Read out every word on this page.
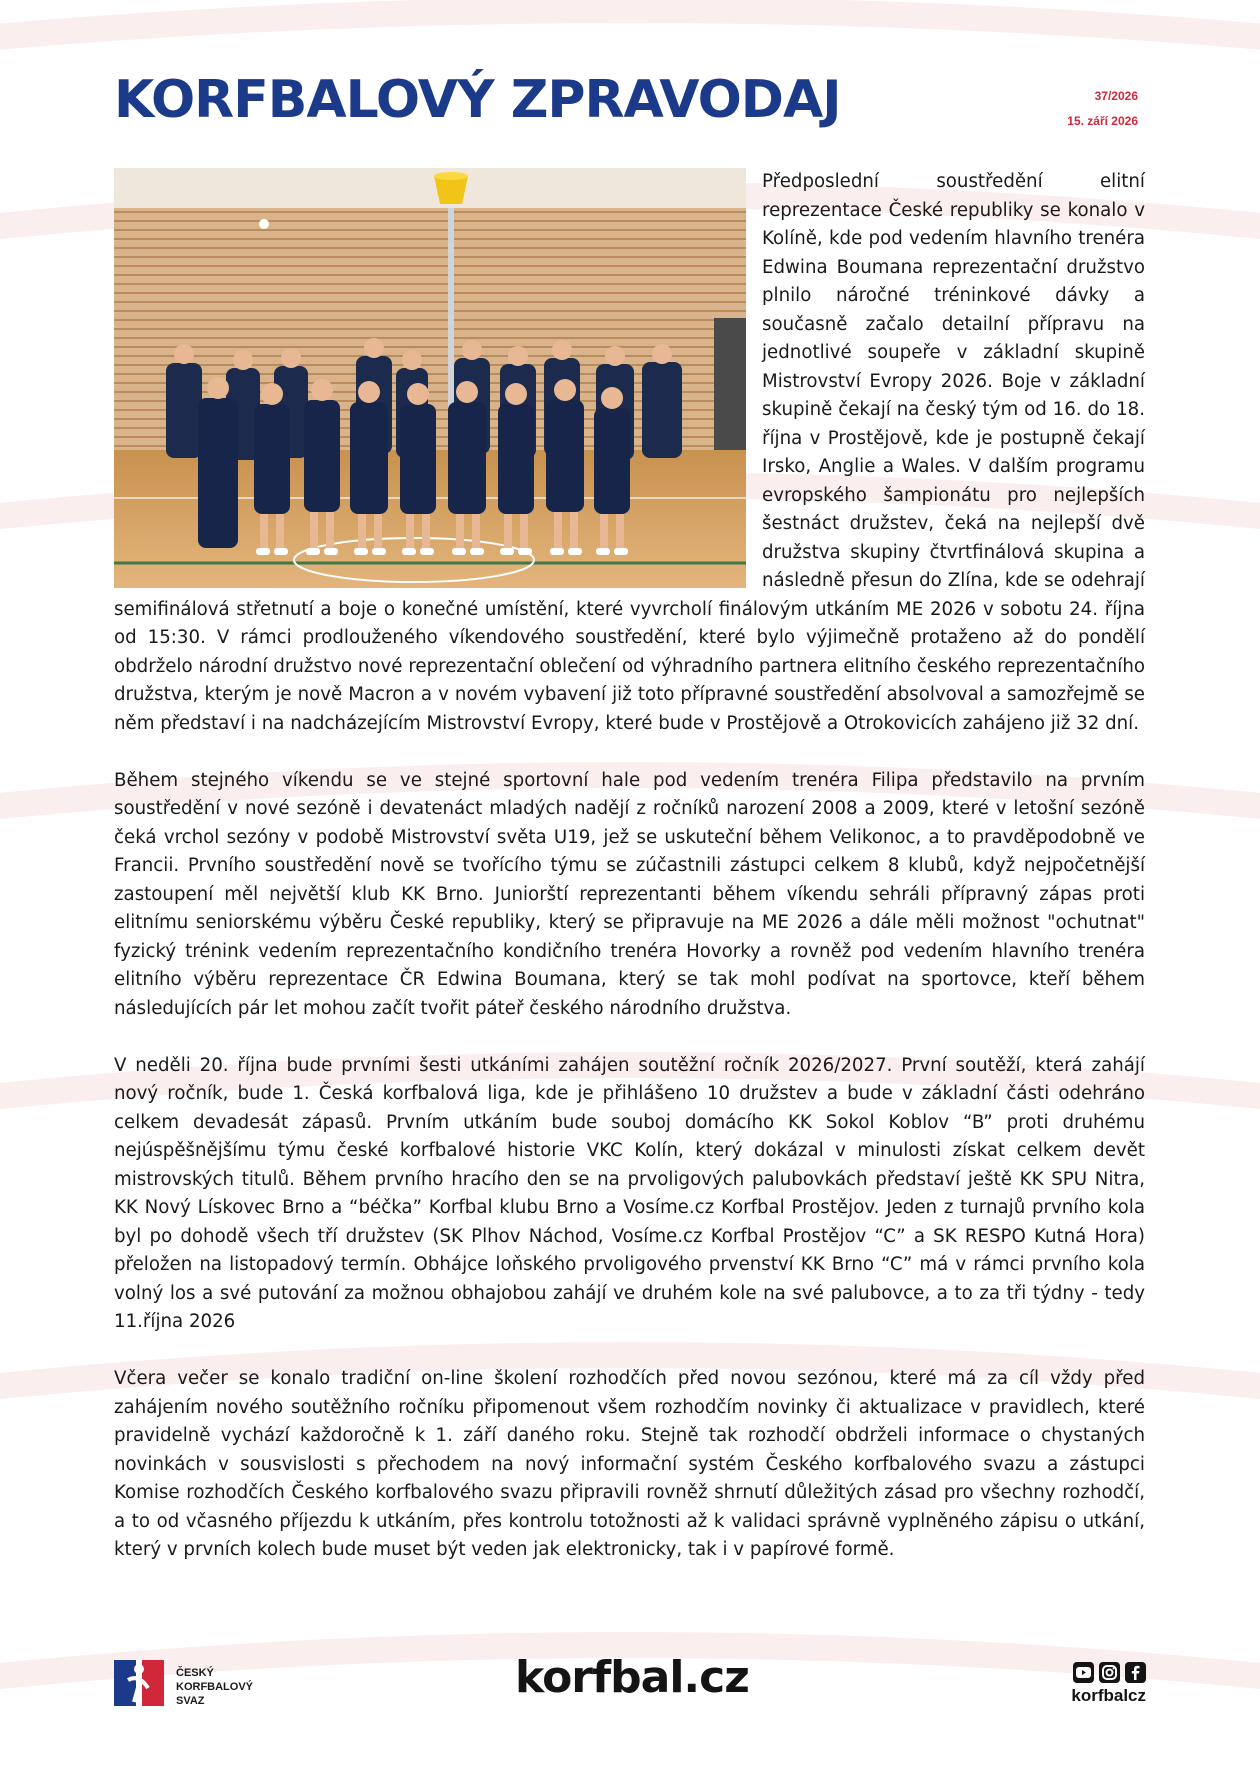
KORFBALOVÝ ZPRAVODAJ	37/2026
15. září 2026

Předposlední soustředění elitní reprezentace České republiky se konalo v Kolíně, kde pod vedením hlavního trenéra Edwina Boumana reprezentační družstvo plnilo náročné tréninkové dávky a současně začalo detailní přípravu na jednotlivé soupeře v základní skupině Mistrovství Evropy 2026. Boje v základní skupině čekají na český tým od 16. do 18. října v Prostějově, kde je postupně čekají Irsko, Anglie a Wales. V dalším programu evropského šampionátu pro nejlepších šestnáct družstev, čeká na nejlepší dvě družstva skupiny čtvrtfinálová skupina a následně přesun do Zlína, kde se odehrají semifinálová střetnutí a boje o konečné umístění, které vyvrcholí finálovým utkáním ME 2026 v sobotu 24. října od 15:30. V rámci prodlouženého víkendového soustředění, které bylo výjimečně protaženo až do pondělí obdrželo národní družstvo nové reprezentační oblečení od výhradního partnera elitního českého reprezentačního družstva, kterým je nově Macron a v novém vybavení již toto přípravné soustředění absolvoval a samozřejmě se něm představí i na nadcházejícím Mistrovství Evropy, které bude v Prostějově a Otrokovicích zahájeno již 32 dní.

Během stejného víkendu se ve stejné sportovní hale pod vedením trenéra Filipa představilo na prvním soustředění v nové sezóně i devatenáct mladých nadějí z ročníků narození 2008 a 2009, které v letošní sezóně čeká vrchol sezóny v podobě Mistrovství světa U19, jež se uskuteční během Velikonoc, a to pravděpodobně ve Francii. Prvního soustředění nově se tvořícího týmu se zúčastnili zástupci celkem 8 klubů, když nejpočetnější zastoupení měl největší klub KK Brno. Juniorští reprezentanti během víkendu sehráli přípravný zápas proti elitnímu seniorskému výběru České republiky, který se připravuje na ME 2026 a dále měli možnost "ochutnat" fyzický trénink vedením reprezentačního kondičního trenéra Hovorky a rovněž pod vedením hlavního trenéra elitního výběru reprezentace ČR Edwina Boumana, který se tak mohl podívat na sportovce, kteří během následujících pár let mohou začít tvořit páteř českého národního družstva.

V neděli 20. října bude prvními šesti utkáními zahájen soutěžní ročník 2026/2027. První soutěží, která zahájí nový ročník, bude 1. Česká korfbalová liga, kde je přihlášeno 10 družstev a bude v základní části odehráno celkem devadesát zápasů. Prvním utkáním bude souboj domácího KK Sokol Koblov “B” proti druhému nejúspěšnějšímu týmu české korfbalové historie VKC Kolín, který dokázal v minulosti získat celkem devět mistrovských titulů. Během prvního hracího den se na prvoligových palubovkách představí ještě KK SPU Nitra, KK Nový Lískovec Brno a “béčka” Korfbal klubu Brno a Vosíme.cz Korfbal Prostějov. Jeden z turnajů prvního kola byl po dohodě všech tří družstev (SK Plhov Náchod, Vosíme.cz Korfbal Prostějov “C” a SK RESPO Kutná Hora) přeložen na listopadový termín. Obhájce loňského prvoligového prvenství KK Brno “C” má v rámci prvního kola volný los a své putování za možnou obhajobou zahájí ve druhém kole na své palubovce, a to za tři týdny - tedy 11.října 2026

Včera večer se konalo tradiční on-line školení rozhodčích před novou sezónou, které má za cíl vždy před zahájením nového soutěžního ročníku připomenout všem rozhodčím novinky či aktualizace v pravidlech, které pravidelně vychází každoročně k 1. září daného roku. Stejně tak rozhodčí obdrželi informace o chystaných novinkách v sousvislosti s přechodem na nový informační systém Českého korfbalového svazu a zástupci Komise rozhodčích Českého korfbalového svazu připravili rovněž shrnutí důležitých zásad pro všechny rozhodčí, a to od včasného příjezdu k utkáním, přes kontrolu totožnosti až k validaci správně vyplněného zápisu o utkání, který v prvních kolech bude muset být veden jak elektronicky, tak i v papírové formě.

ČESKÝ
KORFBALOVÝ
SVAZ	korfbal.cz	korfbalcz
